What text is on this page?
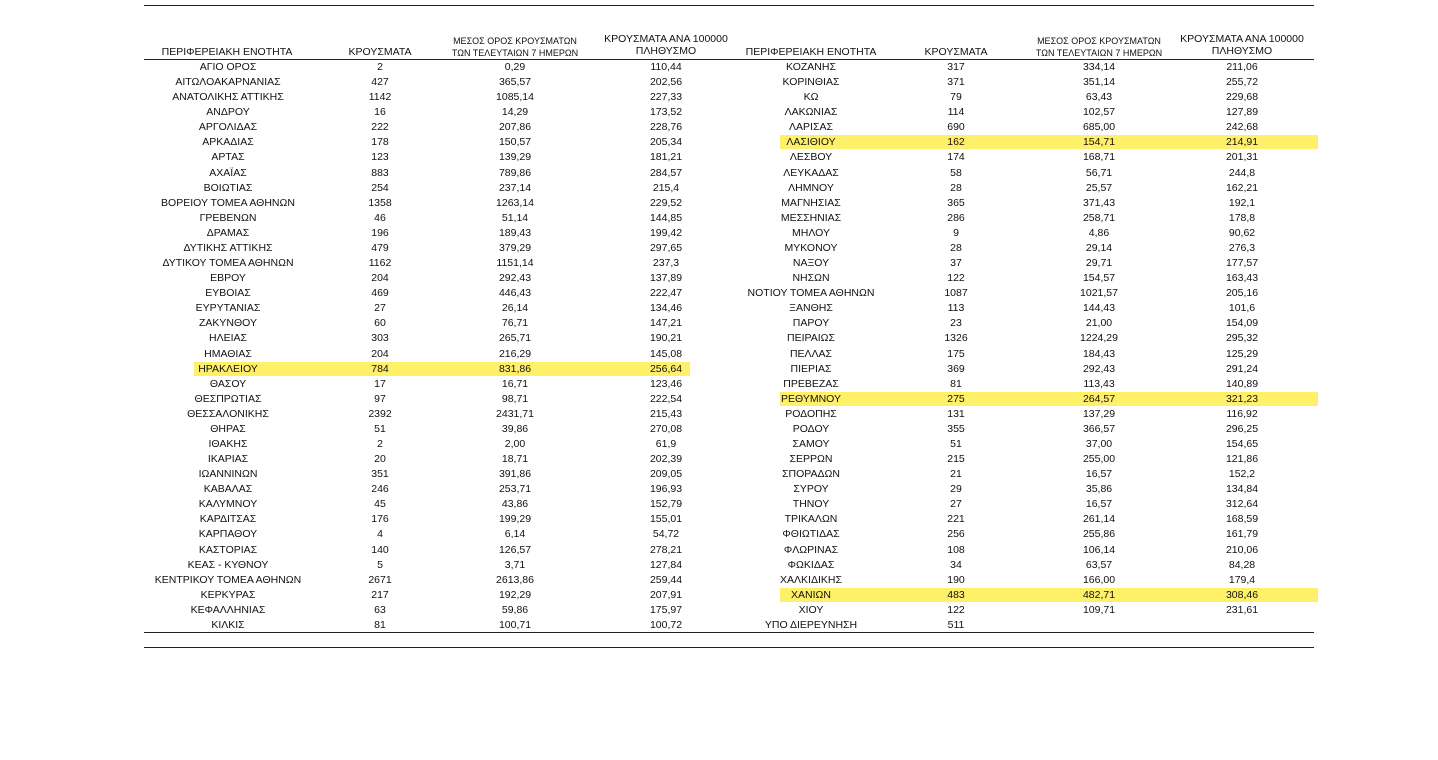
ΠΕΡΙΦΕΡΕΙΑΚΗ ΕΝΟΤΗΤΑ	ΚΡΟΥΣΜΑΤΑ
ΜΕΣΟΣ ΟΡΟΣ ΚΡΟΥΣΜΑΤΩΝ
ΤΩΝ ΤΕΛΕΥΤΑΙΩΝ 7 ΗΜΕΡΩΝ
ΚΡΟΥΣΜΑΤΑ ΑΝΑ 100000
ΠΛΗΘΥΣΜΟ
ΑΓΙΟ ΟΡΟΣ	2	0,29	110,44
ΑΙΤΩΛΟΑΚΑΡΝΑΝΙΑΣ	427	365,57	202,56
ΑΝΑΤΟΛΙΚΗΣ ΑΤΤΙΚΗΣ	1142	1085,14	227,33
ΑΝΔΡΟΥ	16	14,29	173,52
ΑΡΓΟΛΙΔΑΣ	222	207,86	228,76
ΑΡΚΑΔΙΑΣ	178	150,57	205,34
ΑΡΤΑΣ	123	139,29	181,21
ΑΧΑΪΑΣ	883	789,86	284,57
ΒΟΙΩΤΙΑΣ	254	237,14	215,4
ΒΟΡΕΙΟΥ ΤΟΜΕΑ ΑΘΗΝΩΝ	1358	1263,14	229,52
ΓΡΕΒΕΝΩΝ	46	51,14	144,85
ΔΡΑΜΑΣ	196	189,43	199,42
ΔΥΤΙΚΗΣ ΑΤΤΙΚΗΣ	479	379,29	297,65
ΔΥΤΙΚΟΥ ΤΟΜΕΑ ΑΘΗΝΩΝ	1162	1151,14	237,3
ΕΒΡΟΥ	204	292,43	137,89
ΕΥΒΟΙΑΣ	469	446,43	222,47
ΕΥΡΥΤΑΝΙΑΣ	27	26,14	134,46
ΖΑΚΥΝΘΟΥ	60	76,71	147,21
ΗΛΕΙΑΣ	303	265,71	190,21
ΗΜΑΘΙΑΣ	204	216,29	145,08
ΗΡΑΚΛΕΙΟΥ	784	831,86	256,64
ΘΑΣΟΥ	17	16,71	123,46
ΘΕΣΠΡΩΤΙΑΣ	97	98,71	222,54
ΘΕΣΣΑΛΟΝΙΚΗΣ	2392	2431,71	215,43
ΘΗΡΑΣ	51	39,86	270,08
ΙΘΑΚΗΣ	2	2,00	61,9
ΙΚΑΡΙΑΣ	20	18,71	202,39
ΙΩΑΝΝΙΝΩΝ	351	391,86	209,05
ΚΑΒΑΛΑΣ	246	253,71	196,93
ΚΑΛΥΜΝΟΥ	45	43,86	152,79
ΚΑΡΔΙΤΣΑΣ	176	199,29	155,01
ΚΑΡΠΑΘΟΥ	4	6,14	54,72
ΚΑΣΤΟΡΙΑΣ	140	126,57	278,21
ΚΕΑΣ - ΚΥΘΝΟΥ	5	3,71	127,84
ΚΕΝΤΡΙΚΟΥ ΤΟΜΕΑ ΑΘΗΝΩΝ	2671	2613,86	259,44
ΚΕΡΚΥΡΑΣ	217	192,29	207,91
ΚΕΦΑΛΛΗΝΙΑΣ	63	59,86	175,97
ΚΙΛΚΙΣ	81	100,71	100,72
ΠΕΡΙΦΕΡΕΙΑΚΗ ΕΝΟΤΗΤΑ	ΚΡΟΥΣΜΑΤΑ
ΜΕΣΟΣ ΟΡΟΣ ΚΡΟΥΣΜΑΤΩΝ
ΤΩΝ ΤΕΛΕΥΤΑΙΩΝ 7 ΗΜΕΡΩΝ
ΚΡΟΥΣΜΑΤΑ ΑΝΑ 100000
ΠΛΗΘΥΣΜΟ
ΚΟΖΑΝΗΣ	317	334,14	211,06
ΚΟΡΙΝΘΙΑΣ	371	351,14	255,72
ΚΩ	79	63,43	229,68
ΛΑΚΩΝΙΑΣ	114	102,57	127,89
ΛΑΡΙΣΑΣ	690	685,00	242,68
ΛΑΣΙΘΙΟΥ	162	154,71	214,91
ΛΕΣΒΟΥ	174	168,71	201,31
ΛΕΥΚΑΔΑΣ	58	56,71	244,8
ΛΗΜΝΟΥ	28	25,57	162,21
ΜΑΓΝΗΣΙΑΣ	365	371,43	192,1
ΜΕΣΣΗΝΙΑΣ	286	258,71	178,8
ΜΗΛΟΥ	9	4,86	90,62
ΜΥΚΟΝΟΥ	28	29,14	276,3
ΝΑΞΟΥ	37	29,71	177,57
ΝΗΣΩΝ	122	154,57	163,43
ΝΟΤΙΟΥ ΤΟΜΕΑ ΑΘΗΝΩΝ	1087	1021,57	205,16
ΞΑΝΘΗΣ	113	144,43	101,6
ΠΑΡΟΥ	23	21,00	154,09
ΠΕΙΡΑΙΩΣ	1326	1224,29	295,32
ΠΕΛΛΑΣ	175	184,43	125,29
ΠΙΕΡΙΑΣ	369	292,43	291,24
ΠΡΕΒΕΖΑΣ	81	113,43	140,89
ΡΕΘΥΜΝΟΥ	275	264,57	321,23
ΡΟΔΟΠΗΣ	131	137,29	116,92
ΡΟΔΟΥ	355	366,57	296,25
ΣΑΜΟΥ	51	37,00	154,65
ΣΕΡΡΩΝ	215	255,00	121,86
ΣΠΟΡΑΔΩΝ	21	16,57	152,2
ΣΥΡΟΥ	29	35,86	134,84
ΤΗΝΟΥ	27	16,57	312,64
ΤΡΙΚΑΛΩΝ	221	261,14	168,59
ΦΘΙΩΤΙΔΑΣ	256	255,86	161,79
ΦΛΩΡΙΝΑΣ	108	106,14	210,06
ΦΩΚΙΔΑΣ	34	63,57	84,28
ΧΑΛΚΙΔΙΚΗΣ	190	166,00	179,4
ΧΑΝΙΩΝ	483	482,71	308,46
ΧΙΟΥ	122	109,71	231,61
ΥΠΟ ΔΙΕΡΕΥΝΗΣΗ	511
